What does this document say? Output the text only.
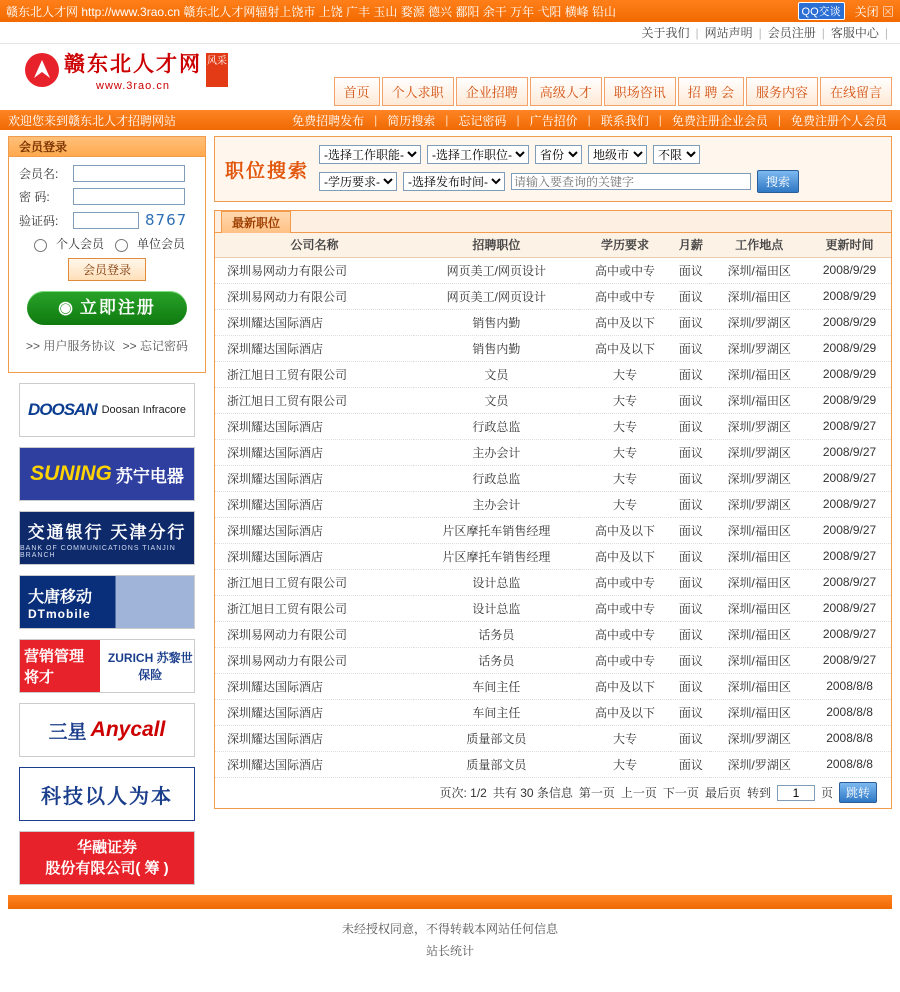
赣东北人才网 http://www.3rao.cn 赣东北人才网辐射上饶市 上饶 广丰 玉山 婺源 德兴 鄱阳 余干 万年 弋阳 横峰 铅山	QQ交谈	关闭 ⊠
关于我们 | 网站声明 | 会员注册 | 客服中心 |
赣东北人才网
www.3rao.cn
风采
首页	个人求职	企业招聘	高级人才	职场咨讯	招 聘 会	服务内容	在线留言
欢迎您来到赣东北人才招聘网站	免费招聘发布 | 简历搜索 | 忘记密码 | 广告招价 | 联系我们 | 免费注册企业会员 | 免费注册个人会员
会员登录
会员名:
密 码:
验证码:	8767
个人会员	单位会员
会员登录
◉ 立即注册
>> 用户服务协议 >> 忘记密码
DOOSAN Doosan Infracore
SUNING 苏宁电器
交通银行 天津分行
BANK OF COMMUNICATIONS TIANJIN BRANCH
大唐移动
DTmobile
营销管理将才
ZURICH 苏黎世保险
三星 Anycall
科技以人为本
华融证券
股份有限公司( 筹 )
职位搜索
-选择工作职能-
-选择工作职位-
省份
地级市
不限
-学历要求-
-选择发布时间-
请输入要查询的关键字
搜索
最新职位
公司名称	招聘职位	学历要求	月薪	工作地点	更新时间
深圳易网动力有限公司	网页美工/网页设计	高中或中专	面议	深圳/福田区	2008/9/29
深圳易网动力有限公司	网页美工/网页设计	高中或中专	面议	深圳/福田区	2008/9/29
深圳耀达国际酒店	销售内勤	高中及以下	面议	深圳/罗湖区	2008/9/29
深圳耀达国际酒店	销售内勤	高中及以下	面议	深圳/罗湖区	2008/9/29
浙江旭日工贸有限公司	文员	大专	面议	深圳/福田区	2008/9/29
浙江旭日工贸有限公司	文员	大专	面议	深圳/福田区	2008/9/29
深圳耀达国际酒店	行政总监	大专	面议	深圳/罗湖区	2008/9/27
深圳耀达国际酒店	主办会计	大专	面议	深圳/罗湖区	2008/9/27
深圳耀达国际酒店	行政总监	大专	面议	深圳/罗湖区	2008/9/27
深圳耀达国际酒店	主办会计	大专	面议	深圳/罗湖区	2008/9/27
深圳耀达国际酒店	片区摩托车销售经理	高中及以下	面议	深圳/福田区	2008/9/27
深圳耀达国际酒店	片区摩托车销售经理	高中及以下	面议	深圳/福田区	2008/9/27
浙江旭日工贸有限公司	设计总监	高中或中专	面议	深圳/福田区	2008/9/27
浙江旭日工贸有限公司	设计总监	高中或中专	面议	深圳/福田区	2008/9/27
深圳易网动力有限公司	话务员	高中或中专	面议	深圳/福田区	2008/9/27
深圳易网动力有限公司	话务员	高中或中专	面议	深圳/福田区	2008/9/27
深圳耀达国际酒店	车间主任	高中及以下	面议	深圳/福田区	2008/8/8
深圳耀达国际酒店	车间主任	高中及以下	面议	深圳/福田区	2008/8/8
深圳耀达国际酒店	质量部文员	大专	面议	深圳/罗湖区	2008/8/8
深圳耀达国际酒店	质量部文员	大专	面议	深圳/罗湖区	2008/8/8
页次: 1/2 共有 30 条信息 第一页 上一页 下一页 最后页 转到
1	页	跳转
未经授权同意，不得转载本网站任何信息
站长统计
